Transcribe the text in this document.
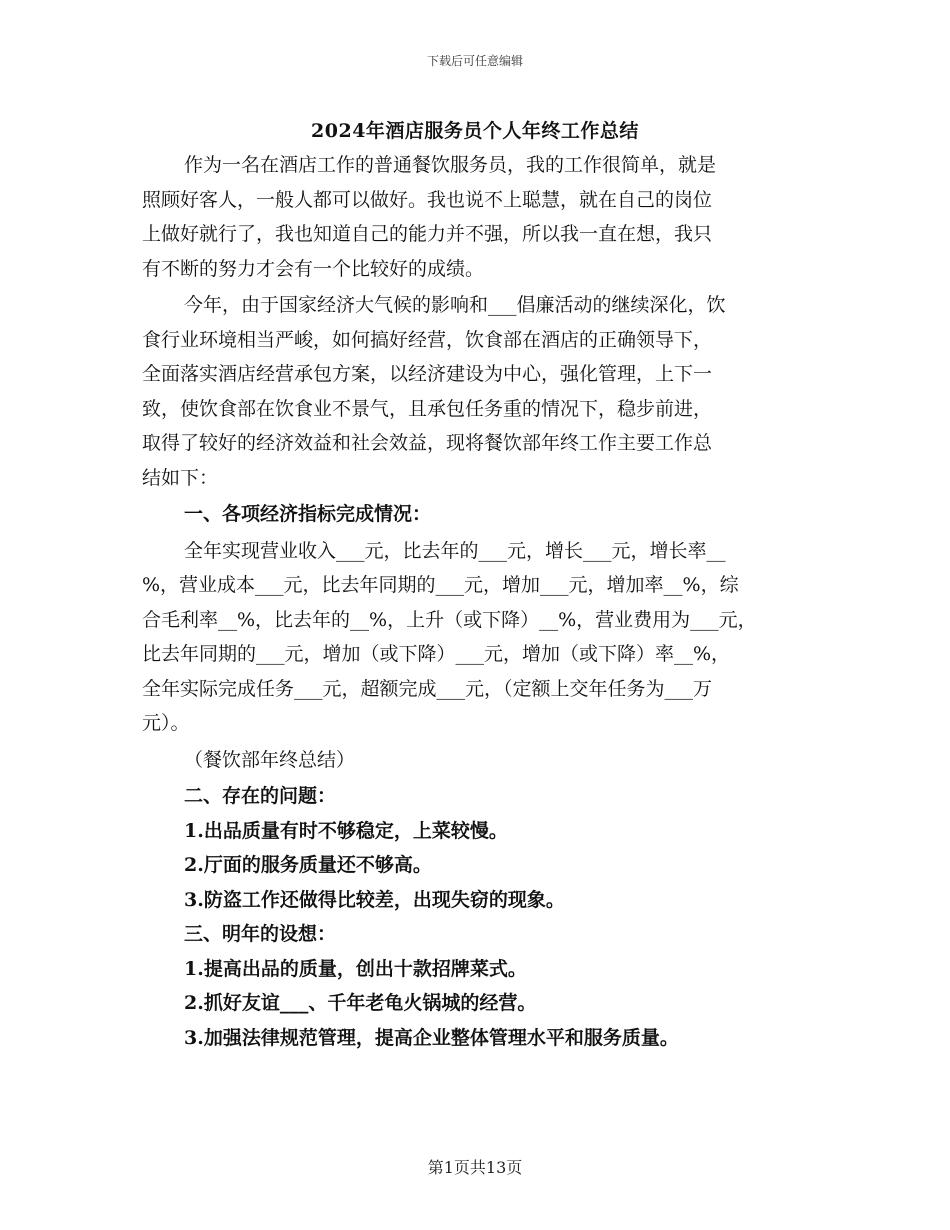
下载后可任意编辑
2024年酒店服务员个人年终工作总结
作为一名在酒店工作的普通餐饮服务员，我的工作很简单，就是
照顾好客人，一般人都可以做好。我也说不上聪慧，就在自己的岗位
上做好就行了，我也知道自己的能力并不强，所以我一直在想，我只
有不断的努力才会有一个比较好的成绩。
今年，由于国家经济大气候的影响和___倡廉活动的继续深化，饮
食行业环境相当严峻，如何搞好经营，饮食部在酒店的正确领导下，
全面落实酒店经营承包方案，以经济建设为中心，强化管理，上下一
致，使饮食部在饮食业不景气，且承包任务重的情况下，稳步前进，
取得了较好的经济效益和社会效益，现将餐饮部年终工作主要工作总
结如下：
一、各项经济指标完成情况：
全年实现营业收入___元，比去年的___元，增长___元，增长率__
%，营业成本___元，比去年同期的___元，增加___元，增加率__%，综
合毛利率__%，比去年的__%，上升（或下降）__%，营业费用为___元，
比去年同期的___元，增加（或下降）___元，增加（或下降）率__%，
全年实际完成任务___元，超额完成___元，（定额上交年任务为___万
元）。
（餐饮部年终总结）
二、存在的问题：
1.出品质量有时不够稳定，上菜较慢。
2.厅面的服务质量还不够高。
3.防盗工作还做得比较差，出现失窃的现象。
三、明年的设想：
1.提高出品的质量，创出十款招牌菜式。
2.抓好友谊___、千年老龟火锅城的经营。
3.加强法律规范管理，提高企业整体管理水平和服务质量。
第1页共13页
